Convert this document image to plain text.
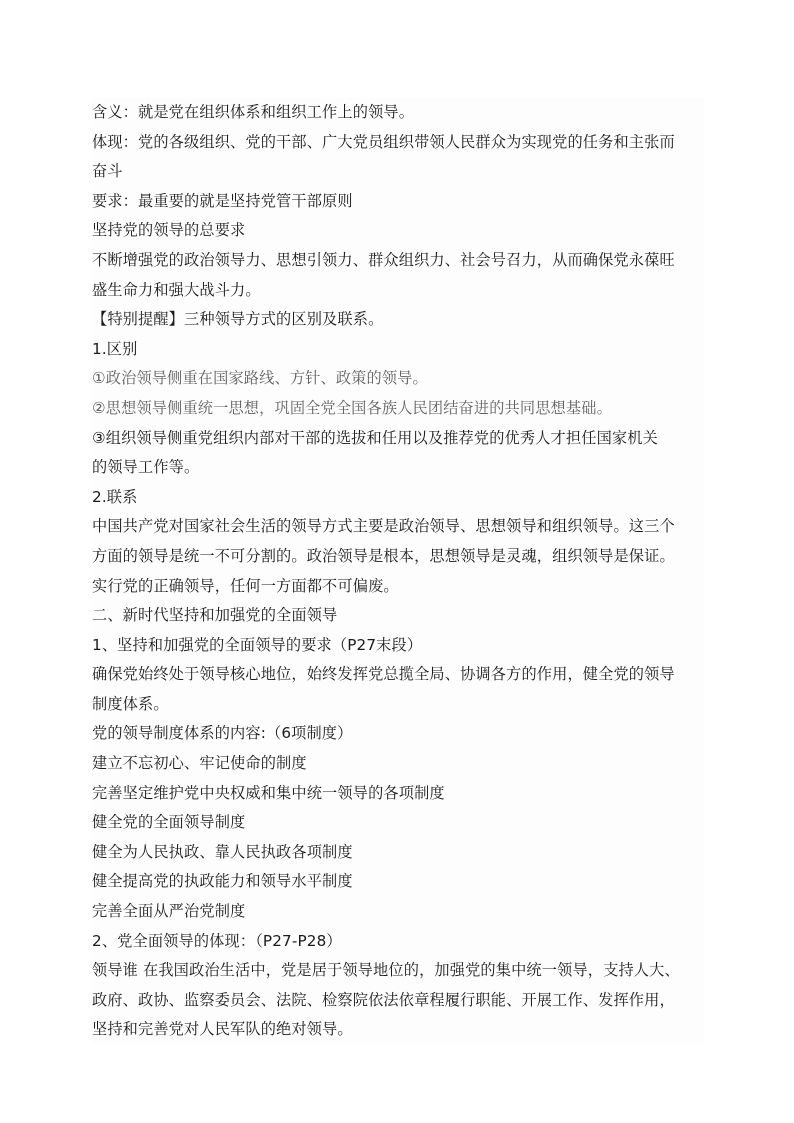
含义：就是党在组织体系和组织工作上的领导。
体现：党的各级组织、党的干部、广大党员组织带领人民群众为实现党的任务和主张而
奋斗
要求：最重要的就是坚持党管干部原则
坚持党的领导的总要求
不断增强党的政治领导力、思想引领力、群众组织力、社会号召力，从而确保党永葆旺
盛生命力和强大战斗力。
【特别提醒】三种领导方式的区别及联系。
1.区别
①政治领导侧重在国家路线、方针、政策的领导。
②思想领导侧重统一思想，巩固全党全国各族人民团结奋进的共同思想基础。
③组织领导侧重党组织内部对干部的选拔和任用以及推荐党的优秀人才担任国家机关
的领导工作等。
2.联系
中国共产党对国家社会生活的领导方式主要是政治领导、思想领导和组织领导。这三个
方面的领导是统一不可分割的。政治领导是根本，思想领导是灵魂，组织领导是保证。
实行党的正确领导，任何一方面都不可偏废。
二、新时代坚持和加强党的全面领导
1、坚持和加强党的全面领导的要求（P27末段）
确保党始终处于领导核心地位，始终发挥党总揽全局、协调各方的作用，健全党的领导
制度体系。
党的领导制度体系的内容:（6项制度）
建立不忘初心、牢记使命的制度
完善坚定维护党中央权威和集中统一领导的各项制度
健全党的全面领导制度
健全为人民执政、靠人民执政各项制度
健全提高党的执政能力和领导水平制度
完善全面从严治党制度
2、党全面领导的体现：（P27-P28）
领导谁 在我国政治生活中，党是居于领导地位的，加强党的集中统一领导，支持人大、
政府、政协、监察委员会、法院、检察院依法依章程履行职能、开展工作、发挥作用，
坚持和完善党对人民军队的绝对领导。
